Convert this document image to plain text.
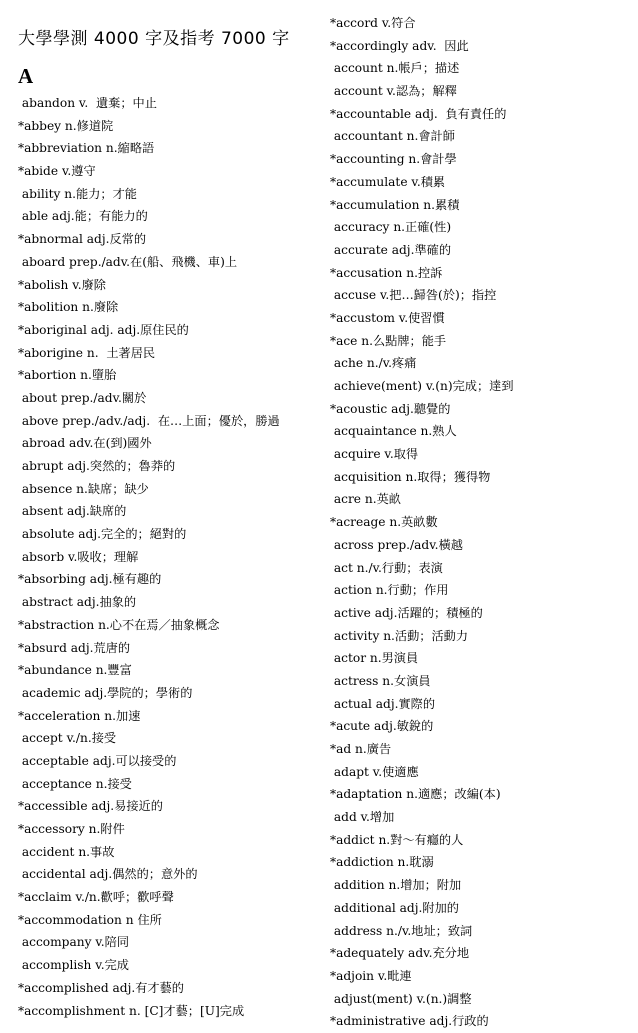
大學學測 4000 字及指考 7000 字
A
abandon v.  遺棄；中止
*abbey n.修道院
*abbreviation n.縮略語
*abide v.遵守
ability n.能力；才能
able adj.能；有能力的
*abnormal adj.反常的
aboard prep./adv.在(船、飛機、車)上
*abolish v.廢除
*abolition n.廢除
*aboriginal adj. adj.原住民的
*aborigine n.  土著居民
*abortion n.墮胎
about prep./adv.關於
above prep./adv./adj.  在…上面；優於，勝過
abroad adv.在(到)國外
abrupt adj.突然的；魯莽的
absence n.缺席；缺少
absent adj.缺席的
absolute adj.完全的；絕對的
absorb v.吸收；理解
*absorbing adj.極有趣的
abstract adj.抽象的
*abstraction n.心不在焉／抽象概念
*absurd adj.荒唐的
*abundance n.豐富
academic adj.學院的；學術的
*acceleration n.加速
accept v./n.接受
acceptable adj.可以接受的
acceptance n.接受
*accessible adj.易接近的
*accessory n.附件
accident n.事故
accidental adj.偶然的；意外的
*acclaim v./n.歡呼；歡呼聲
*accommodation n 住所
accompany v.陪同
accomplish v.完成
*accomplished adj.有才藝的
*accomplishment n. [C]才藝；[U]完成
*accord v.符合
*accordingly adv.  因此
account n.帳戶；描述
account v.認為；解釋
*accountable adj.  負有責任的
accountant n.會計師
*accounting n.會計學
*accumulate v.積累
*accumulation n.累積
accuracy n.正確(性)
accurate adj.準確的
*accusation n.控訴
accuse v.把…歸咎(於)；指控
*accustom v.使習慣
*ace n.么點牌；能手
ache n./v.疼痛
achieve(ment) v.(n)完成；達到
*acoustic adj.聽覺的
acquaintance n.熟人
acquire v.取得
acquisition n.取得；獲得物
acre n.英畝
*acreage n.英畝數
across prep./adv.橫越
act n./v.行動；表演
action n.行動；作用
active adj.活躍的；積極的
activity n.活動；活動力
actor n.男演員
actress n.女演員
actual adj.實際的
*acute adj.敏銳的
*ad n.廣告
adapt v.使適應
*adaptation n.適應；改編(本)
add v.增加
*addict n.對～有癮的人
*addiction n.耽溺
addition n.增加；附加
additional adj.附加的
address n./v.地址；致詞
*adequately adv.充分地
*adjoin v.毗連
adjust(ment) v.(n.)調整
*administrative adj.行政的
